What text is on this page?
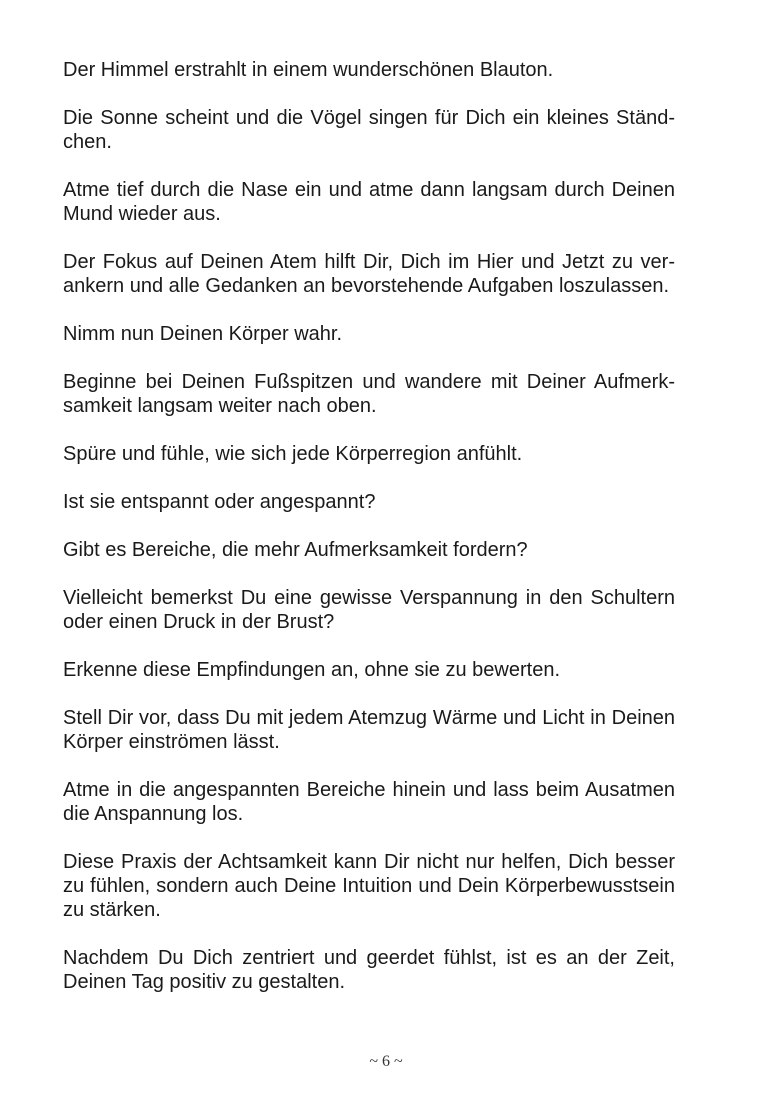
Der Himmel erstrahlt in einem wunderschönen Blauton.

Die Sonne scheint und die Vögel singen für Dich ein kleines Ständchen.

Atme tief durch die Nase ein und atme dann langsam durch Deinen Mund wieder aus.

Der Fokus auf Deinen Atem hilft Dir, Dich im Hier und Jetzt zu verankern und alle Gedanken an bevorstehende Aufgaben loszulassen.

Nimm nun Deinen Körper wahr.

Beginne bei Deinen Fußspitzen und wandere mit Deiner Aufmerksamkeit langsam weiter nach oben.

Spüre und fühle, wie sich jede Körperregion anfühlt.

Ist sie entspannt oder angespannt?

Gibt es Bereiche, die mehr Aufmerksamkeit fordern?

Vielleicht bemerkst Du eine gewisse Verspannung in den Schultern oder einen Druck in der Brust?

Erkenne diese Empfindungen an, ohne sie zu bewerten.

Stell Dir vor, dass Du mit jedem Atemzug Wärme und Licht in Deinen Körper einströmen lässt.

Atme in die angespannten Bereiche hinein und lass beim Ausatmen die Anspannung los.

Diese Praxis der Achtsamkeit kann Dir nicht nur helfen, Dich besser zu fühlen, sondern auch Deine Intuition und Dein Körperbewusstsein zu stärken.

Nachdem Du Dich zentriert und geerdet fühlst, ist es an der Zeit, Deinen Tag positiv zu gestalten.

~ 6 ~
